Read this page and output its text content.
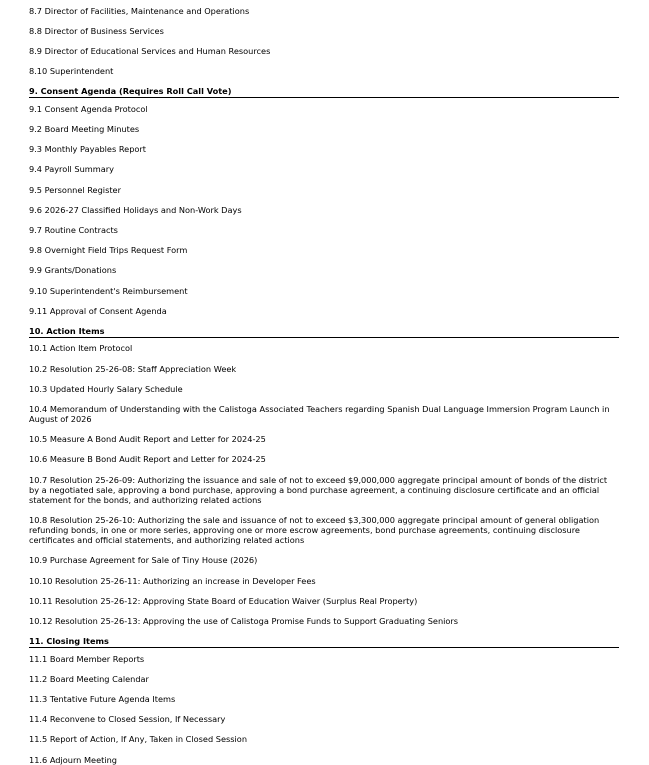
8.7 Director of Facilities, Maintenance and Operations
8.8 Director of Business Services
8.9 Director of Educational Services and Human Resources
8.10 Superintendent
9. Consent Agenda (Requires Roll Call Vote)
9.1 Consent Agenda Protocol
9.2 Board Meeting Minutes
9.3 Monthly Payables Report
9.4 Payroll Summary
9.5 Personnel Register
9.6 2026-27 Classified Holidays and Non-Work Days
9.7 Routine Contracts
9.8 Overnight Field Trips Request Form
9.9 Grants/Donations
9.10 Superintendent's Reimbursement
9.11 Approval of Consent Agenda
10. Action Items
10.1 Action Item Protocol
10.2 Resolution 25-26-08: Staff Appreciation Week
10.3 Updated Hourly Salary Schedule
10.4 Memorandum of Understanding with the Calistoga Associated Teachers regarding Spanish Dual Language Immersion Program Launch in August of 2026
10.5 Measure A Bond Audit Report and Letter for 2024-25
10.6 Measure B Bond Audit Report and Letter for 2024-25
10.7 Resolution 25-26-09: Authorizing the issuance and sale of not to exceed $9,000,000 aggregate principal amount of bonds of the district by a negotiated sale, approving a bond purchase, approving a bond purchase agreement, a continuing disclosure certificate and an official statement for the bonds, and authorizing related actions
10.8 Resolution 25-26-10: Authorizing the sale and issuance of not to exceed $3,300,000 aggregate principal amount of general obligation refunding bonds, in one or more series, approving one or more escrow agreements, bond purchase agreements, continuing disclosure certificates and official statements, and authorizing related actions
10.9 Purchase Agreement for Sale of Tiny House (2026)
10.10 Resolution 25-26-11: Authorizing an increase in Developer Fees
10.11 Resolution 25-26-12: Approving State Board of Education Waiver (Surplus Real Property)
10.12 Resolution 25-26-13: Approving the use of Calistoga Promise Funds to Support Graduating Seniors
11. Closing Items
11.1 Board Member Reports
11.2 Board Meeting Calendar
11.3 Tentative Future Agenda Items
11.4 Reconvene to Closed Session, If Necessary
11.5 Report of Action, If Any, Taken in Closed Session
11.6 Adjourn Meeting
